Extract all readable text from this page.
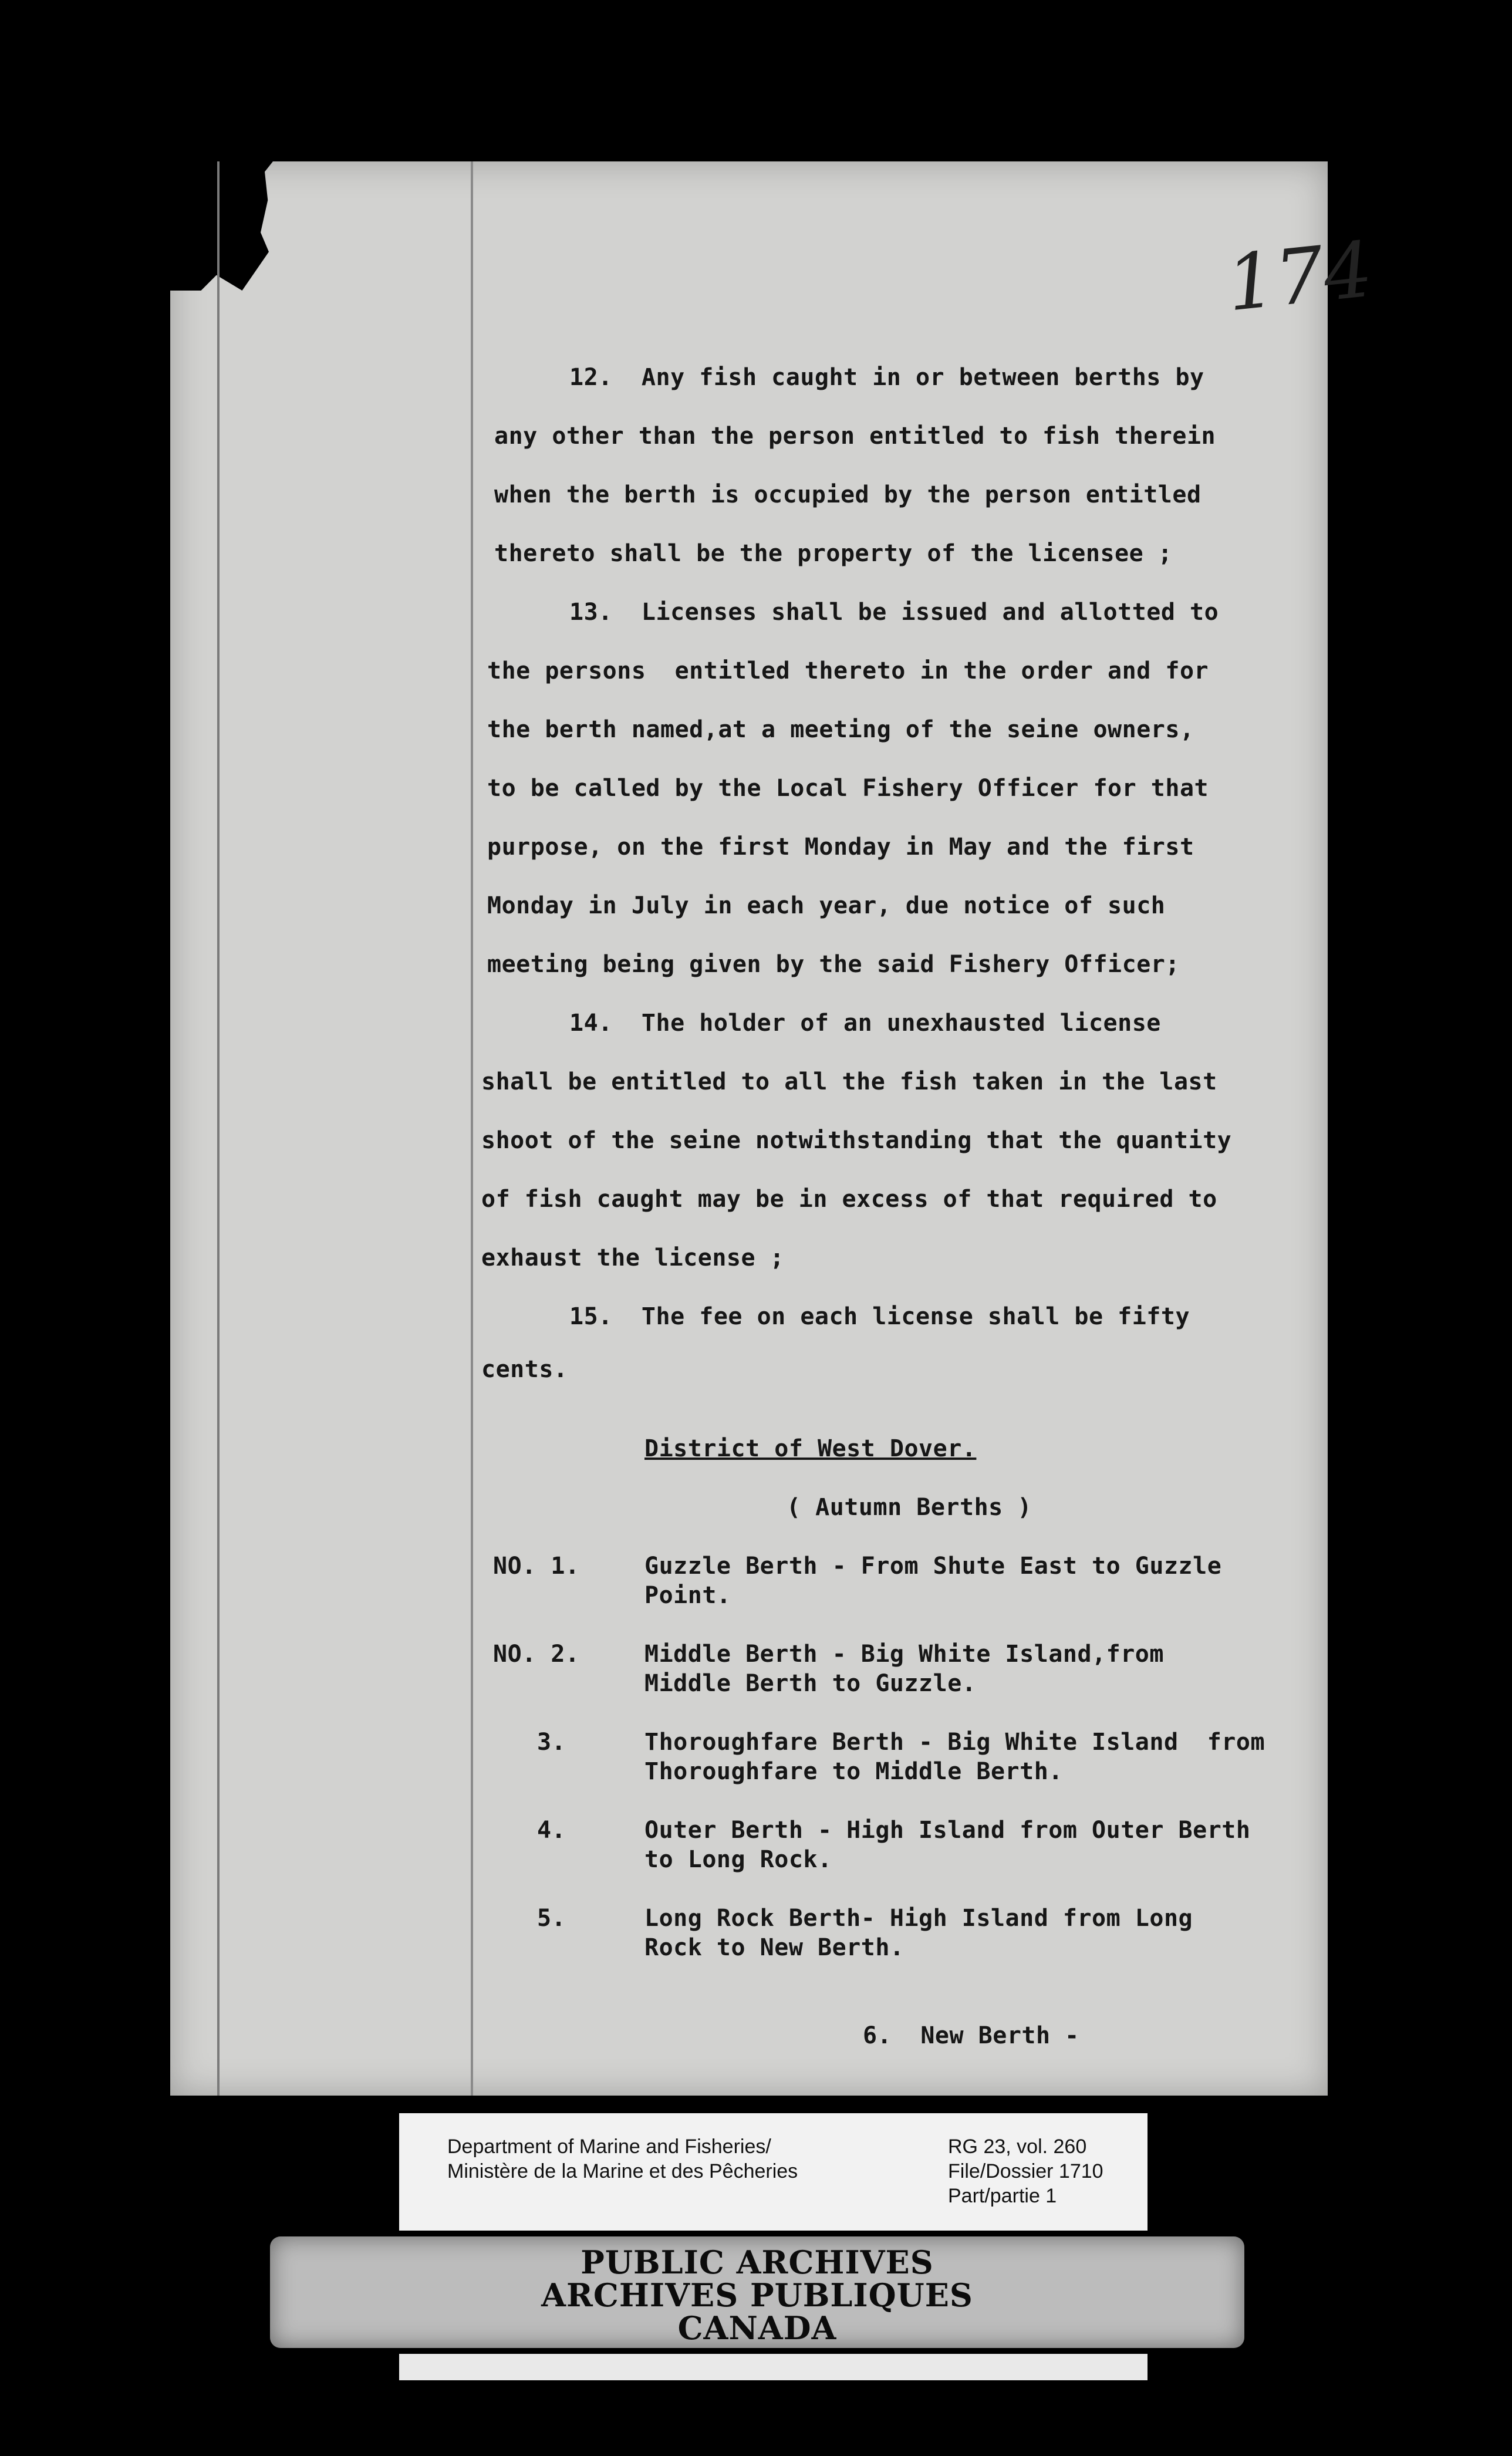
174
12.  Any fish caught in or between berths by
any other than the person entitled to fish therein
when the berth is occupied by the person entitled
thereto shall be the property of the licensee ;
13.  Licenses shall be issued and allotted to
the persons  entitled thereto in the order and for
the berth named,at a meeting of the seine owners,
to be called by the Local Fishery Officer for that
purpose, on the first Monday in May and the first
Monday in July in each year, due notice of such
meeting being given by the said Fishery Officer;
14.  The holder of an unexhausted license
shall be entitled to all the fish taken in the last
shoot of the seine notwithstanding that the quantity
of fish caught may be in excess of that required to
exhaust the license ;
15.  The fee on each license shall be fifty
cents.
District of West Dover.
( Autumn Berths )
NO. 1.	Guzzle Berth - From Shute East to Guzzle
Point.
NO. 2.	Middle Berth - Big White Island,from
Middle Berth to Guzzle.
3.	Thoroughfare Berth - Big White Island  from
Thoroughfare to Middle Berth.
4.	Outer Berth - High Island from Outer Berth
to Long Rock.
5.	Long Rock Berth- High Island from Long
Rock to New Berth.
6.  New Berth -
Department of Marine and Fisheries/
Ministère de la Marine et des Pêcheries
RG 23, vol. 260
File/Dossier 1710
Part/partie 1
PUBLIC ARCHIVES
ARCHIVES PUBLIQUES
CANADA
